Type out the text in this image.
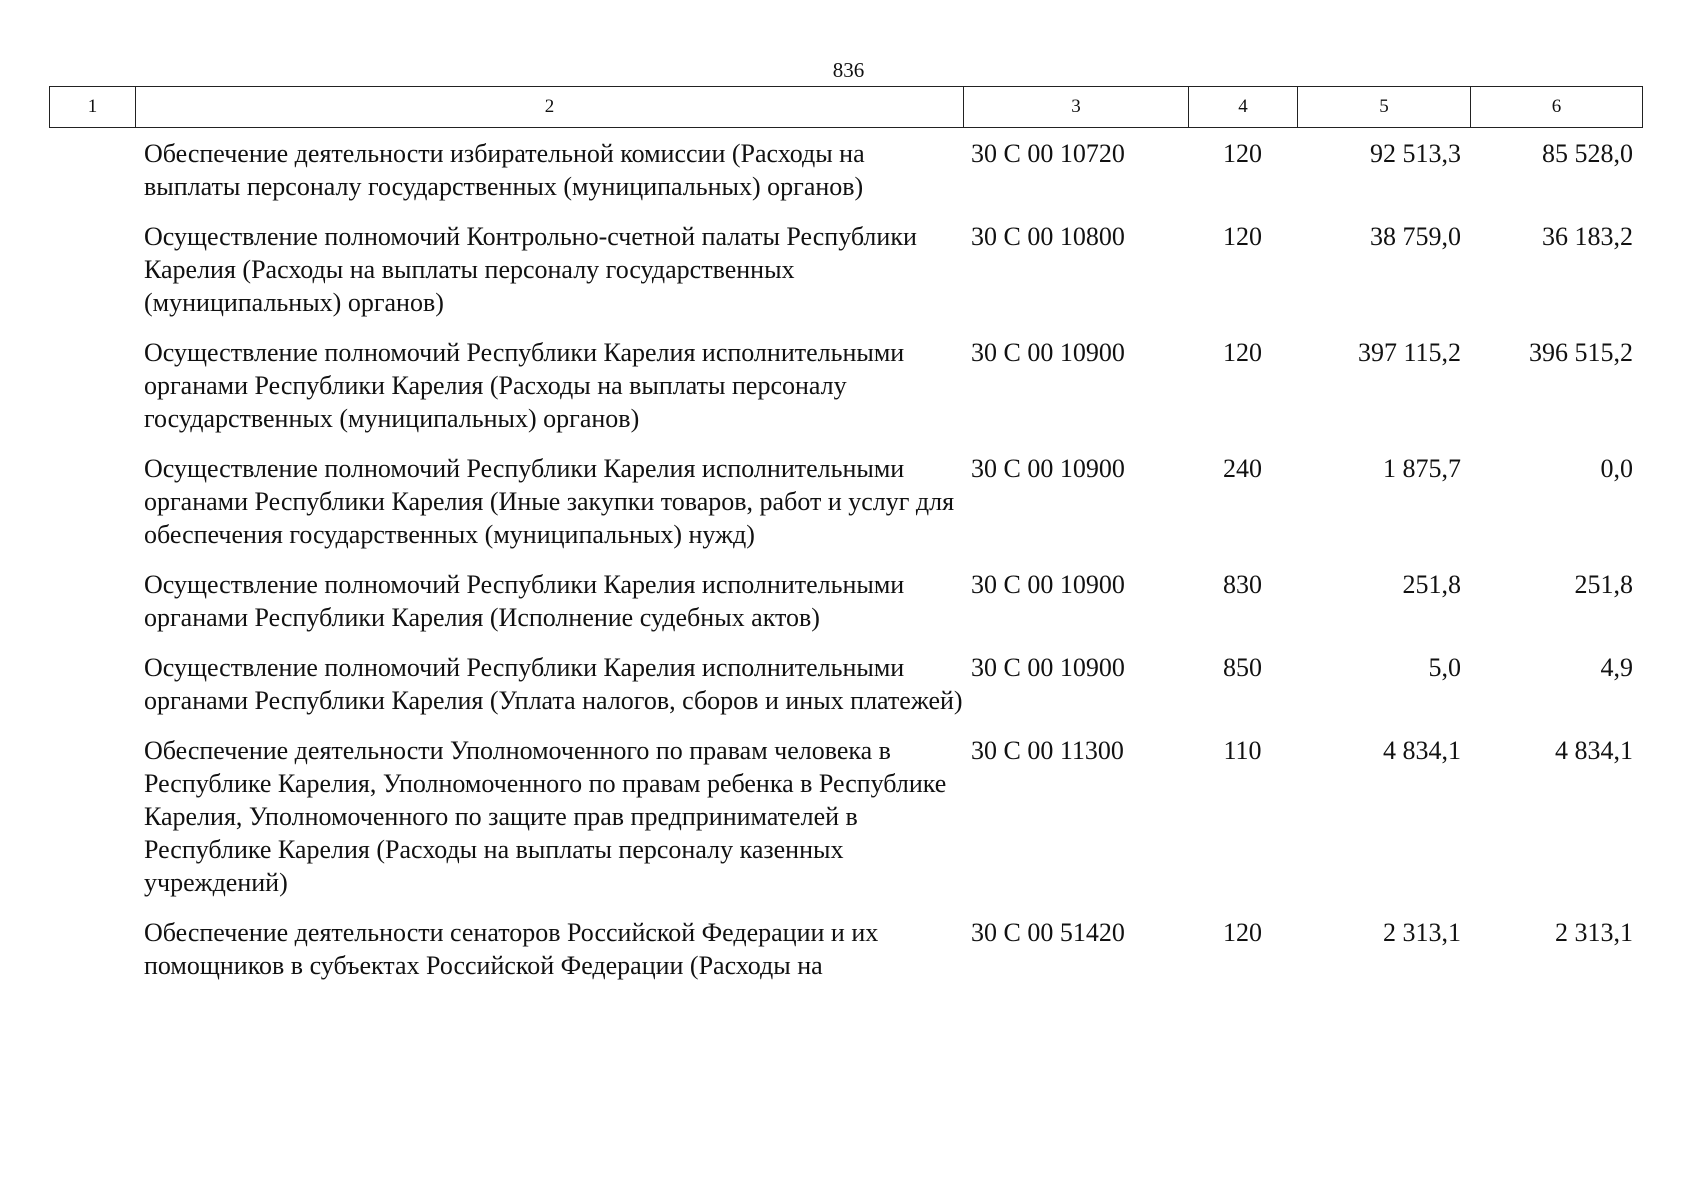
836
1	2	3	4	5	6
Обеспечение деятельности избирательной комиссии (Расходы на выплаты персоналу государственных (муниципальных) органов)
30 С 00 10720	120	92 513,3	85 528,0
Осуществление полномочий Контрольно-счетной палаты Республики Карелия (Расходы на выплаты персоналу государственных (муниципальных) органов)
30 С 00 10800	120	38 759,0	36 183,2
Осуществление полномочий Республики Карелия исполнительными органами Республики Карелия (Расходы на выплаты персоналу государственных (муниципальных) органов)
30 С 00 10900	120	397 115,2	396 515,2
Осуществление полномочий Республики Карелия исполнительными органами Республики Карелия (Иные закупки товаров, работ и услуг для обеспечения государственных (муниципальных) нужд)
30 С 00 10900	240	1 875,7	0,0
Осуществление полномочий Республики Карелия исполнительными органами Республики Карелия (Исполнение судебных актов)
30 С 00 10900	830	251,8	251,8
Осуществление полномочий Республики Карелия исполнительными органами Республики Карелия (Уплата налогов, сборов и иных платежей)
30 С 00 10900	850	5,0	4,9
Обеспечение деятельности Уполномоченного по правам человека в Республике Карелия, Уполномоченного по правам ребенка в Республике Карелия, Уполномоченного по защите прав предпринимателей в Республике Карелия (Расходы на выплаты персоналу казенных учреждений)
30 С 00 11300	110	4 834,1	4 834,1
Обеспечение деятельности сенаторов Российской Федерации и их помощников в субъектах Российской Федерации (Расходы на
30 С 00 51420	120	2 313,1	2 313,1
